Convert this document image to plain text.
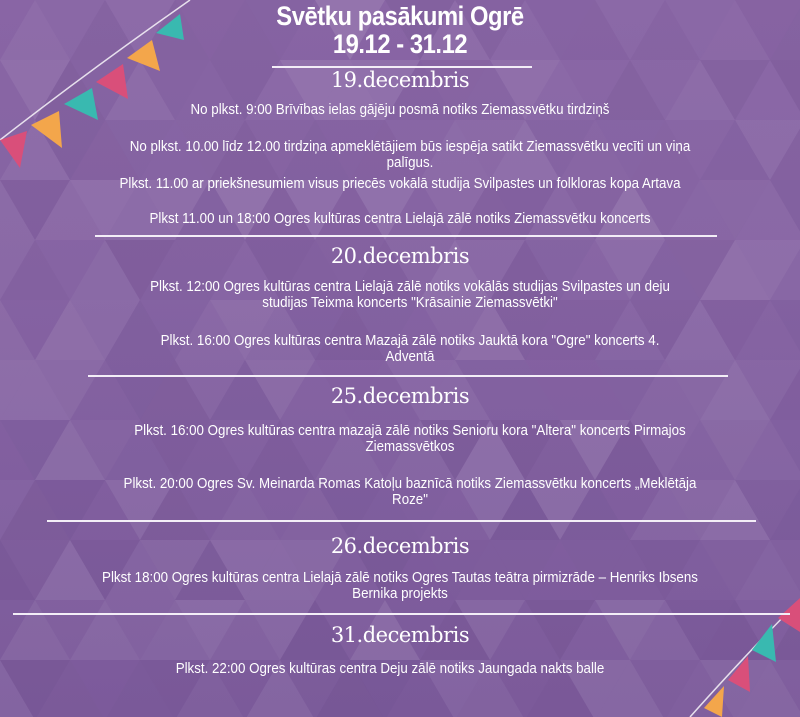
Svētku pasākumi Ogrē
19.12 - 31.12
19.decembris
No plkst. 9:00 Brīvības ielas gājēju posmā notiks Ziemassvētku tirdziņš
No plkst. 10.00 līdz 12.00 tirdziņa apmeklētājiem būs iespēja satikt Ziemassvētku vecīti un viņa palīgus.
Plkst. 11.00 ar priekšnesumiem visus priecēs vokālā studija Svilpastes un folkloras kopa Artava
Plkst 11.00 un 18:00 Ogres kultūras centra Lielajā zālē notiks Ziemassvētku koncerts
20.decembris
Plkst. 12:00 Ogres kultūras centra Lielajā zālē notiks vokālās studijas Svilpastes un deju studijas Teixma koncerts "Krāsainie Ziemassvētki"
Plkst. 16:00 Ogres kultūras centra Mazajā zālē notiks Jauktā kora "Ogre" koncerts 4. Adventā
25.decembris
Plkst. 16:00 Ogres kultūras centra mazajā zālē notiks Senioru kora "Altera" koncerts Pirmajos Ziemassvētkos
Plkst. 20:00 Ogres Sv. Meinarda Romas Katoļu baznīcā notiks Ziemassvētku koncerts „Meklētāja Roze"
26.decembris
Plkst 18:00 Ogres kultūras centra Lielajā zālē notiks Ogres Tautas teātra pirmizrāde – Henriks Ibsens Bernika projekts
31.decembris
Plkst. 22:00 Ogres kultūras centra Deju zālē notiks Jaungada nakts balle
